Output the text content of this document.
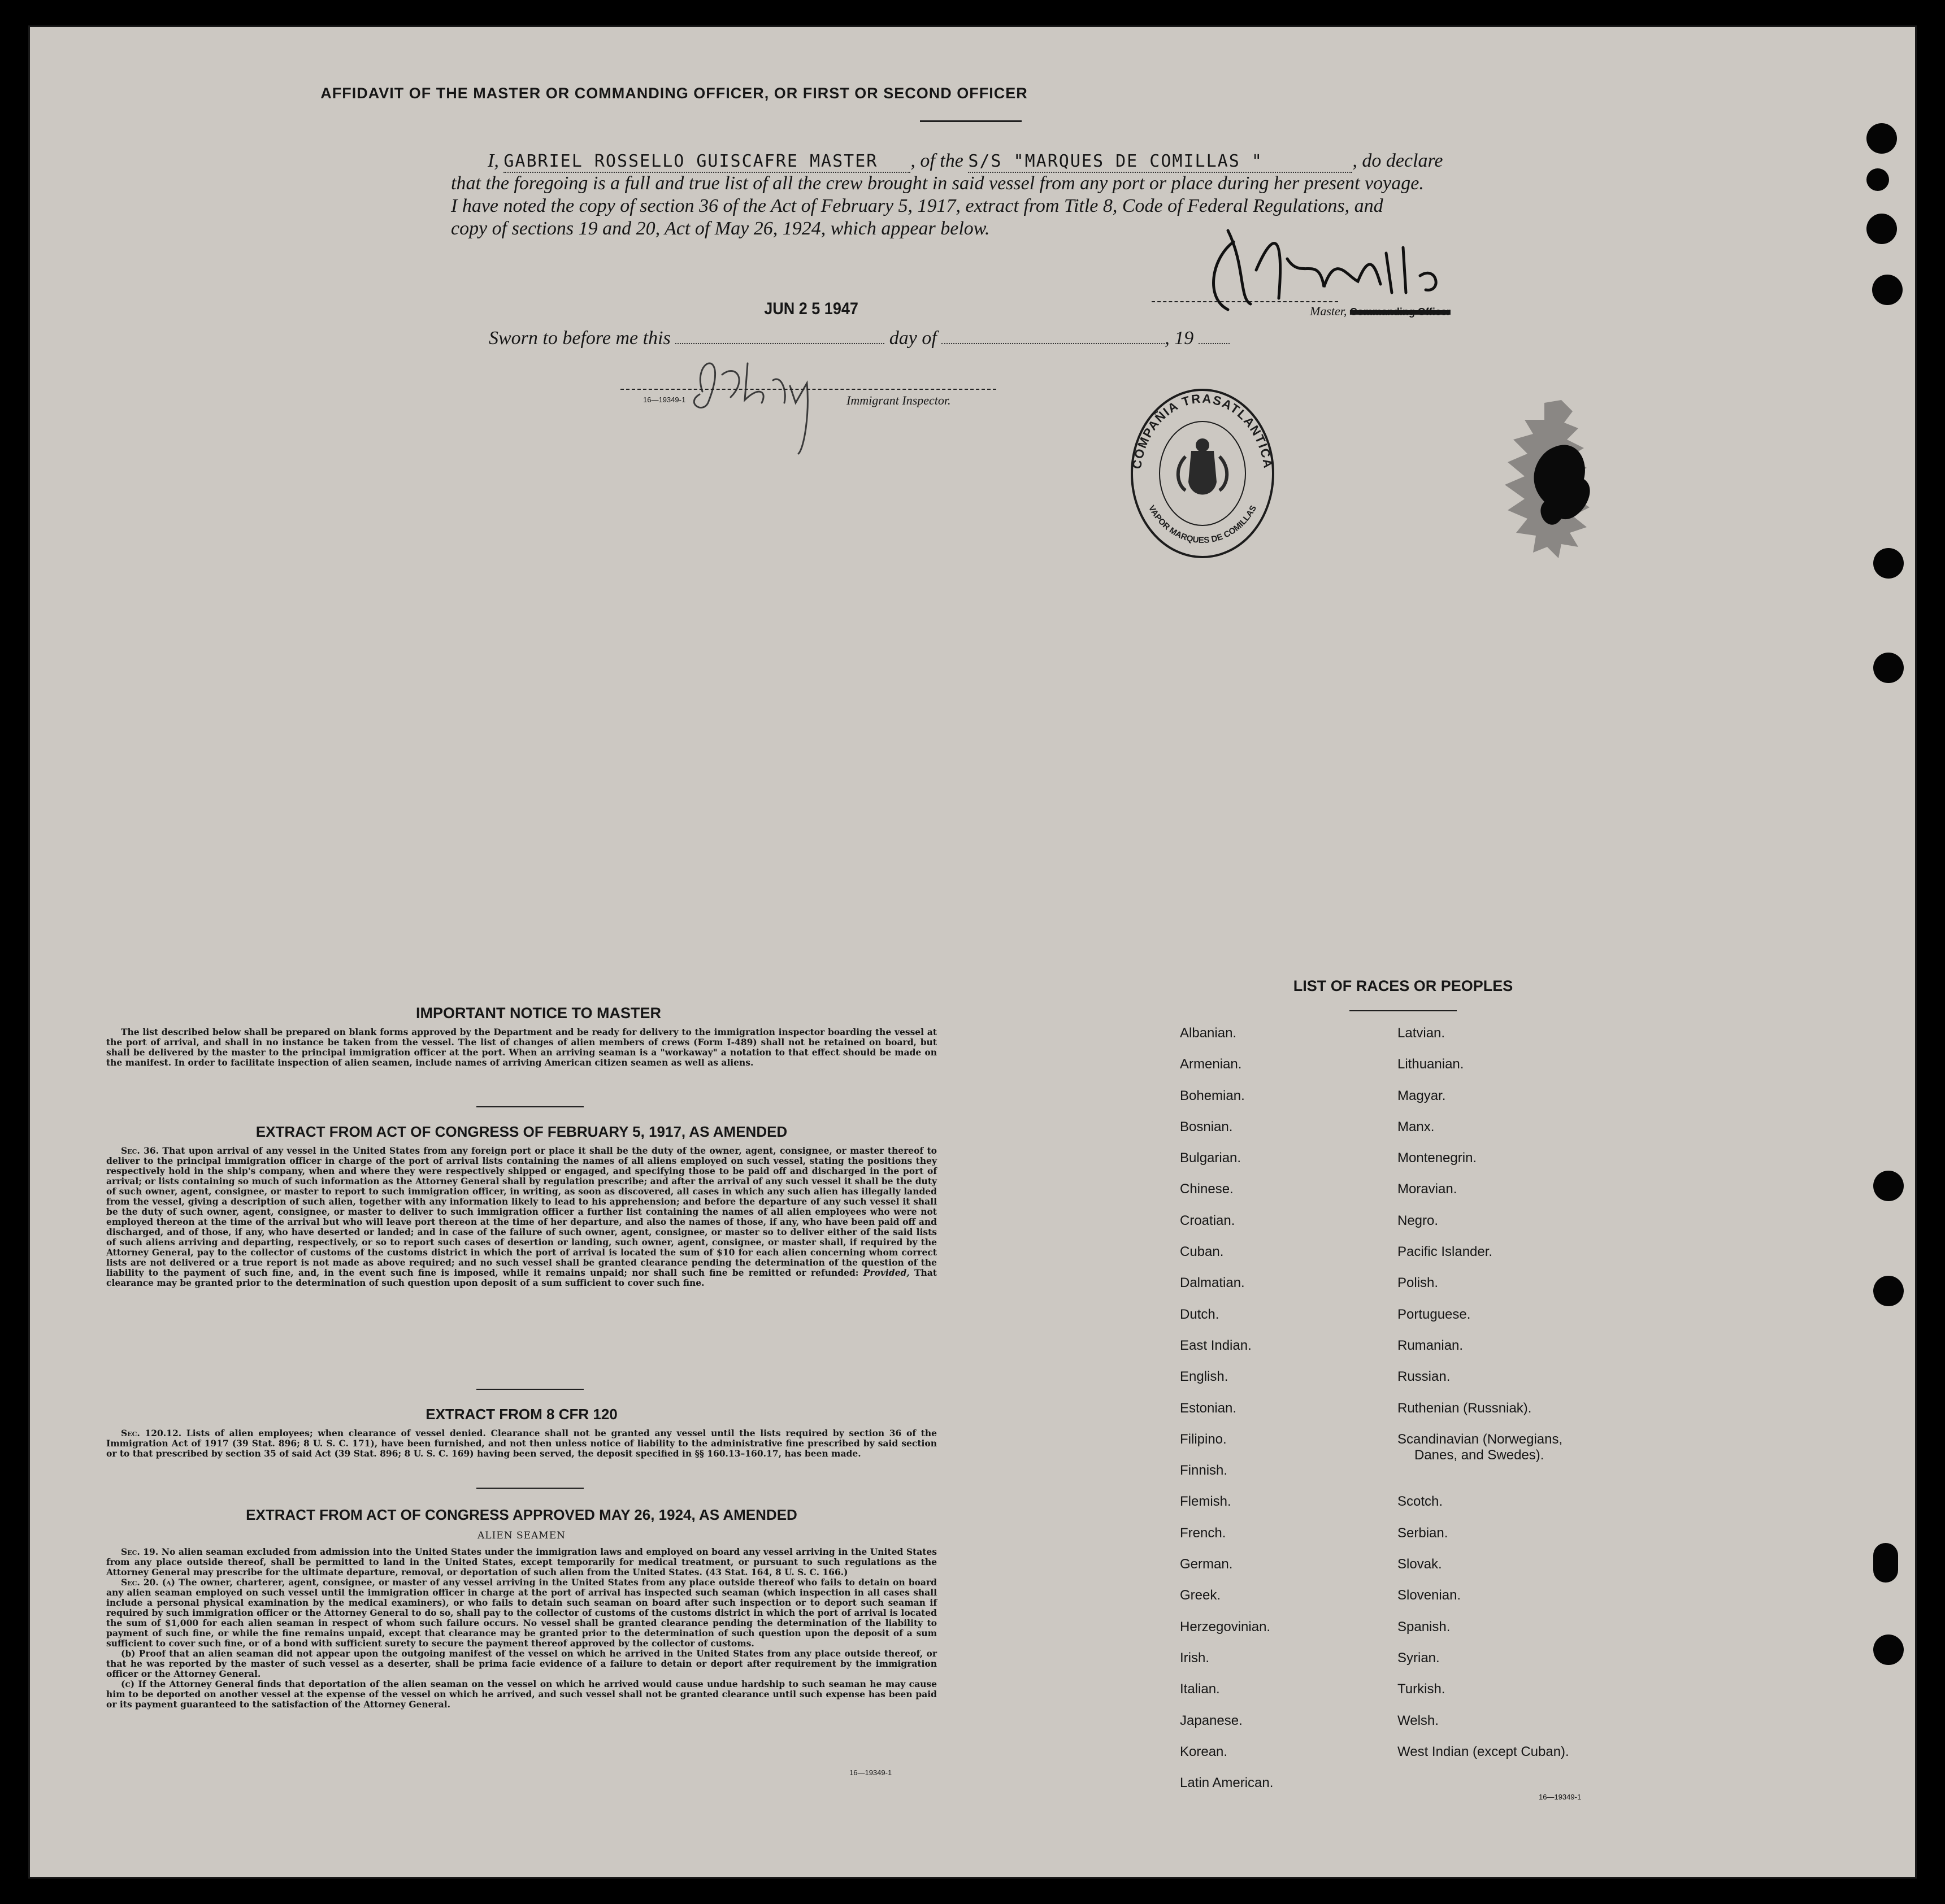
AFFIDAVIT OF THE MASTER OR COMMANDING OFFICER, OR FIRST OR SECOND OFFICER
I, GABRIEL ROSSELLO GUISCAFRE MASTER , of the S/S "MARQUES DE COMILLAS "	, do declare
that the foregoing is a full and true list of all the crew brought in said vessel from any port or place during her present voyage.
I have noted the copy of section 36 of the Act of February 5, 1917, extract from Title 8, Code of Federal Regulations, and
copy of sections 19 and 20, Act of May 26, 1924, which appear below.
Master, Commanding Officer
JUN 2 5 1947
Sworn to before me this	day of	, 19
16—19349-1	Immigrant Inspector.
COMPAÑIA TRASATLANTICA
VAPOR MARQUES DE COMILLAS
IMPORTANT NOTICE TO MASTER

The list described below shall be prepared on blank forms approved by the Department and be ready for delivery to the immigration inspector boarding the vessel at the port of arrival, and shall in no instance be taken from the vessel. The list of changes of alien members of crews (Form I-489) shall not be retained on board, but shall be delivered by the master to the principal immigration officer at the port. When an arriving seaman is a "workaway" a notation to that effect should be made on the manifest. In order to facilitate inspection of alien seamen, include names of arriving American citizen seamen as well as aliens.

EXTRACT FROM ACT OF CONGRESS OF FEBRUARY 5, 1917, AS AMENDED

Sec. 36. That upon arrival of any vessel in the United States from any foreign port or place it shall be the duty of the owner, agent, consignee, or master thereof to deliver to the principal immigration officer in charge of the port of arrival lists containing the names of all aliens employed on such vessel, stating the positions they respectively hold in the ship's company, when and where they were respectively shipped or engaged, and specifying those to be paid off and discharged in the port of arrival; or lists containing so much of such information as the Attorney General shall by regulation prescribe; and after the arrival of any such vessel it shall be the duty of such owner, agent, consignee, or master to report to such immigration officer, in writing, as soon as discovered, all cases in which any such alien has illegally landed from the vessel, giving a description of such alien, together with any information likely to lead to his apprehension; and before the departure of any such vessel it shall be the duty of such owner, agent, consignee, or master to deliver to such immigration officer a further list containing the names of all alien employees who were not employed thereon at the time of the arrival but who will leave port thereon at the time of her departure, and also the names of those, if any, who have been paid off and discharged, and of those, if any, who have deserted or landed; and in case of the failure of such owner, agent, consignee, or master so to deliver either of the said lists of such aliens arriving and departing, respectively, or so to report such cases of desertion or landing, such owner, agent, consignee, or master shall, if required by the Attorney General, pay to the collector of customs of the customs district in which the port of arrival is located the sum of $10 for each alien concerning whom correct lists are not delivered or a true report is not made as above required; and no such vessel shall be granted clearance pending the determination of the question of the liability to the payment of such fine, and, in the event such fine is imposed, while it remains unpaid; nor shall such fine be remitted or refunded: Provided, That clearance may be granted prior to the determination of such question upon deposit of a sum sufficient to cover such fine.

EXTRACT FROM 8 CFR 120

Sec. 120.12. Lists of alien employees; when clearance of vessel denied. Clearance shall not be granted any vessel until the lists required by section 36 of the Immigration Act of 1917 (39 Stat. 896; 8 U. S. C. 171), have been furnished, and not then unless notice of liability to the administrative fine prescribed by said section or to that prescribed by section 35 of said Act (39 Stat. 896; 8 U. S. C. 169) having been served, the deposit specified in §§ 160.13–160.17, has been made.

EXTRACT FROM ACT OF CONGRESS APPROVED MAY 26, 1924, AS AMENDED
ALIEN SEAMEN

Sec. 19. No alien seaman excluded from admission into the United States under the immigration laws and employed on board any vessel arriving in the United States from any place outside thereof, shall be permitted to land in the United States, except temporarily for medical treatment, or pursuant to such regulations as the Attorney General may prescribe for the ultimate departure, removal, or deportation of such alien from the United States. (43 Stat. 164, 8 U. S. C. 166.)

Sec. 20. (a) The owner, charterer, agent, consignee, or master of any vessel arriving in the United States from any place outside thereof who fails to detain on board any alien seaman employed on such vessel until the immigration officer in charge at the port of arrival has inspected such seaman (which inspection in all cases shall include a personal physical examination by the medical examiners), or who fails to detain such seaman on board after such inspection or to deport such seaman if required by such immigration officer or the Attorney General to do so, shall pay to the collector of customs of the customs district in which the port of arrival is located the sum of $1,000 for each alien seaman in respect of whom such failure occurs. No vessel shall be granted clearance pending the determination of the liability to payment of such fine, or while the fine remains unpaid, except that clearance may be granted prior to the determination of such question upon the deposit of a sum sufficient to cover such fine, or of a bond with sufficient surety to secure the payment thereof approved by the collector of customs.

(b) Proof that an alien seaman did not appear upon the outgoing manifest of the vessel on which he arrived in the United States from any place outside thereof, or that he was reported by the master of such vessel as a deserter, shall be prima facie evidence of a failure to detain or deport after requirement by the immigration officer or the Attorney General.

(c) If the Attorney General finds that deportation of the alien seaman on the vessel on which he arrived would cause undue hardship to such seaman he may cause him to be deported on another vessel at the expense of the vessel on which he arrived, and such vessel shall not be granted clearance until such expense has been paid or its payment guaranteed to the satisfaction of the Attorney General.

16—19349-1
LIST OF RACES OR PEOPLES
Albanian.
Armenian.
Bohemian.
Bosnian.
Bulgarian.
Chinese.
Croatian.
Cuban.
Dalmatian.
Dutch.
East Indian.
English.
Estonian.
Filipino.
Finnish.
Flemish.
French.
German.
Greek.
Herzegovinian.
Irish.
Italian.
Japanese.
Korean.
Latin American.
Latvian.
Lithuanian.
Magyar.
Manx.
Montenegrin.
Moravian.
Negro.
Pacific Islander.
Polish.
Portuguese.
Rumanian.
Russian.
Ruthenian (Russniak).
Scandinavian (Norwegians,
Danes, and Swedes).
Scotch.
Serbian.
Slovak.
Slovenian.
Spanish.
Syrian.
Turkish.
Welsh.
West Indian (except Cuban).
16—19349-1
